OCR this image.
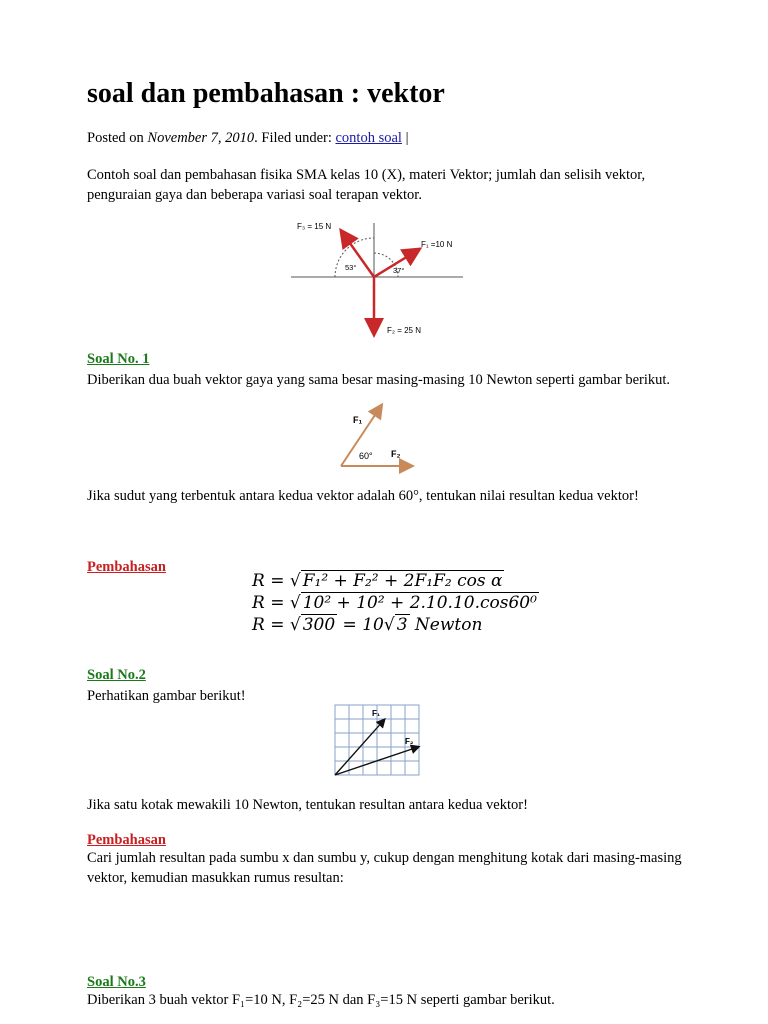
soal dan pembahasan : vektor
Posted on November 7, 2010. Filed under: contoh soal |
Contoh soal dan pembahasan fisika SMA kelas 10 (X), materi Vektor; jumlah dan selisih vektor, penguraian gaya dan beberapa variasi soal terapan vektor.
F₃ = 15 N
F₁ =10 N
F₂ = 25 N
53°	37°
Soal No. 1
Diberikan dua buah vektor gaya yang sama besar masing-masing 10 Newton seperti gambar berikut.
F₁
F₂
60°
Jika sudut yang terbentuk antara kedua vektor adalah 60°, tentukan nilai resultan kedua vektor!
Pembahasan
R = √ F₁² + F₂² + 2F₁F₂ cos α
R = √ 10² + 10² + 2.10.10.cos60⁰
R = √ 300 = 10√ 3 Newton
Soal No.2
Perhatikan gambar berikut!
F₁
F₂
Jika satu kotak mewakili 10 Newton, tentukan resultan antara kedua vektor!
Pembahasan
Cari jumlah resultan pada sumbu x dan sumbu y, cukup dengan menghitung kotak dari masing-masing vektor, kemudian masukkan rumus resultan:
Soal No.3
Diberikan 3 buah vektor F₁=10 N, F₂=25 N dan F₃=15 N seperti gambar berikut.
